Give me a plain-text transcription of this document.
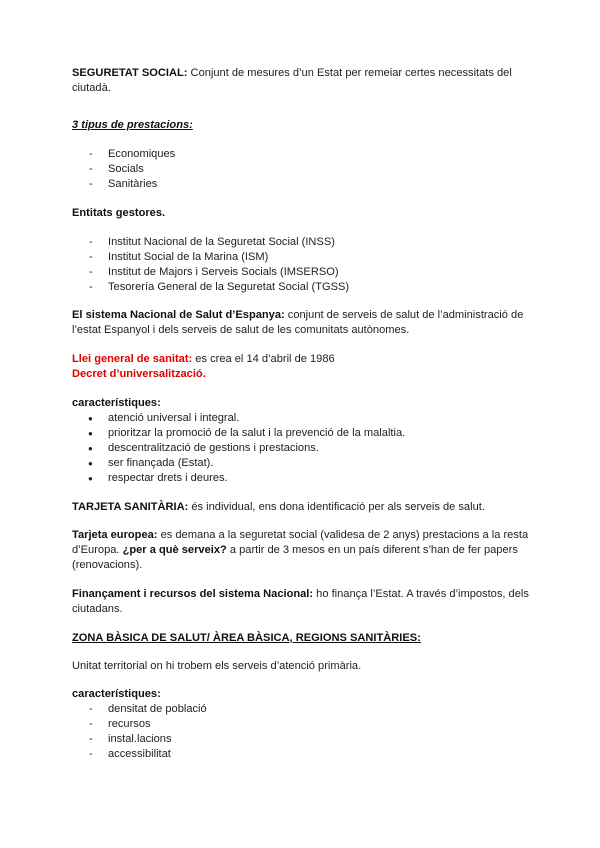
SEGURETAT SOCIAL: Conjunt de mesures d’un Estat per remeiar certes necessitats del ciutadà.

3 tipus de prestacions:

- Economiques
- Socials
- Sanitàries

Entitats gestores.

- Institut Nacional de la Seguretat Social (INSS)
- Institut Social de la Marina (ISM)
- Institut de Majors i Serveis Socials (IMSERSO)
- Tesorería General de la Seguretat Social (TGSS)

El sistema Nacional de Salut d’Espanya: conjunt de serveis de salut de l’administració de l’estat Espanyol i dels serveis de salut de les comunitats autònomes.

Llei general de sanitat: es crea el 14 d’abril de 1986

Decret d’universalització.

característiques:

● atenció universal i integral.
● prioritzar la promoció de la salut i la prevenció de la malaltia.
● descentralització de gestions i prestacions.
● ser finançada (Estat).
● respectar drets i deures.

TARJETA SANITÀRIA: és individual, ens dona identificació per als serveis de salut.

Tarjeta europea: es demana a la seguretat social (validesa de 2 anys) prestacions a la resta d’Europa. ¿per a què serveix? a partir de 3 mesos en un país diferent s’han de fer papers (renovacions).

Finançament i recursos del sistema Nacional: ho finança l’Estat. A través d’impostos, dels ciutadans.

ZONA BÀSICA DE SALUT/ ÀREA BÀSICA, REGIONS SANITÀRIES:

Unitat territorial on hi trobem els serveis d’atenció primària.

característiques:

- densitat de població
- recursos
- instal.lacions
- accessibilitat
